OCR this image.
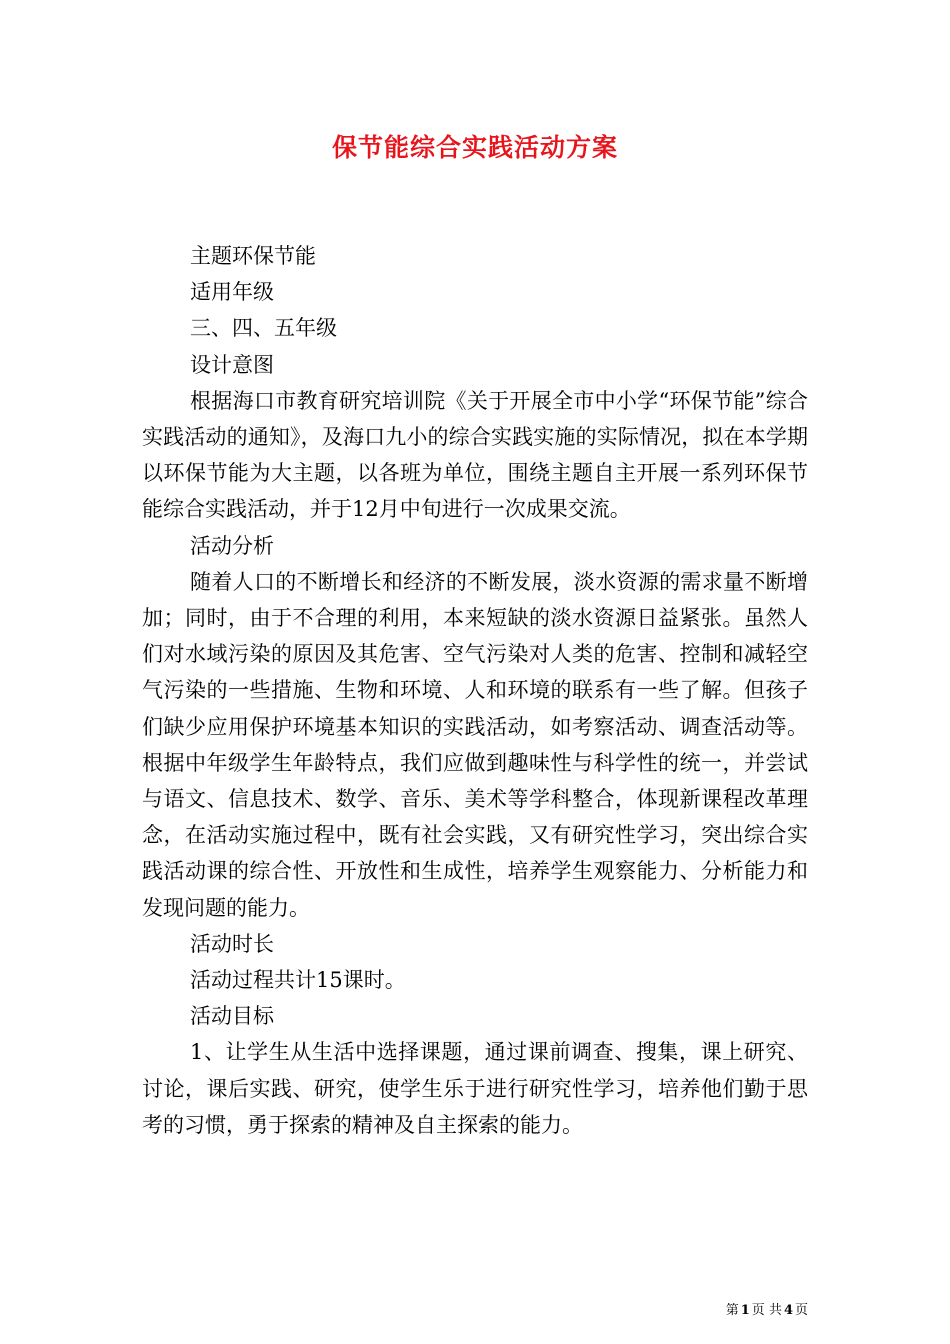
保节能综合实践活动方案

主题环保节能

适用年级

三、四、五年级

设计意图

根据海口市教育研究培训院《关于开展全市中小学“环保节能”综合实践活动的通知》，及海口九小的综合实践实施的实际情况，拟在本学期以环保节能为大主题，以各班为单位，围绕主题自主开展一系列环保节能综合实践活动，并于12月中旬进行一次成果交流。

活动分析

随着人口的不断增长和经济的不断发展，淡水资源的需求量不断增加；同时，由于不合理的利用，本来短缺的淡水资源日益紧张。虽然人们对水域污染的原因及其危害、空气污染对人类的危害、控制和减轻空气污染的一些措施、生物和环境、人和环境的联系有一些了解。但孩子们缺少应用保护环境基本知识的实践活动，如考察活动、调查活动等。根据中年级学生年龄特点，我们应做到趣味性与科学性的统一，并尝试与语文、信息技术、数学、音乐、美术等学科整合，体现新课程改革理念，在活动实施过程中，既有社会实践，又有研究性学习，突出综合实践活动课的综合性、开放性和生成性，培养学生观察能力、分析能力和发现问题的能力。

活动时长

活动过程共计15课时。

活动目标

1、让学生从生活中选择课题，通过课前调查、搜集，课上研究、讨论，课后实践、研究，使学生乐于进行研究性学习，培养他们勤于思考的习惯，勇于探索的精神及自主探索的能力。

第 1 页 共 4 页
